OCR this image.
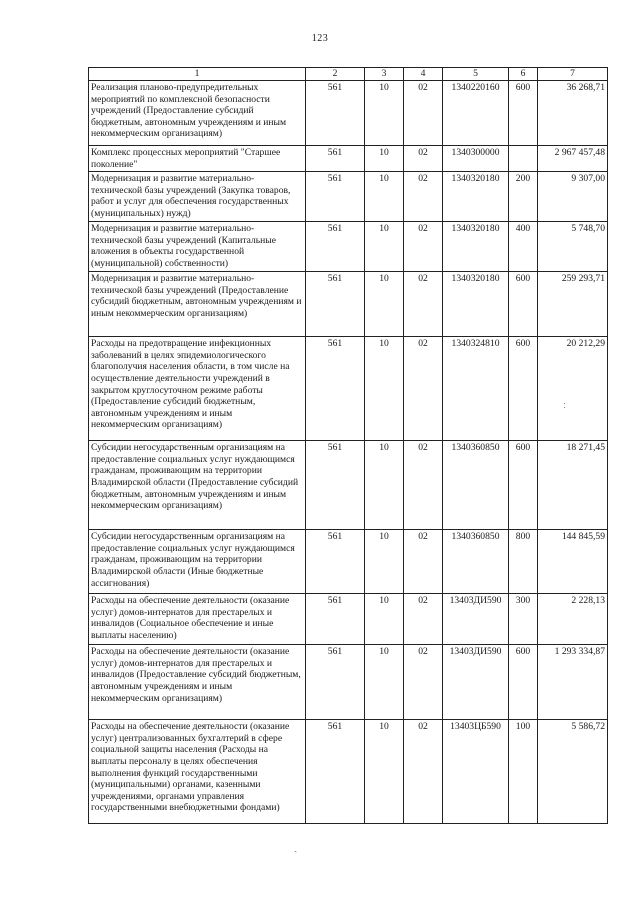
123
1	2	3	4	5	6	7
Реализация планово-предупредительных мероприятий по комплексной безопасности учреждений (Предоставление субсидий бюджетным, автономным учреждениям и иным некоммерческим организациям)	561	10	02	1340220160	600	36 268,71
Комплекс процессных мероприятий "Старшее поколение"	561	10	02	1340300000		2 967 457,48
Модернизация и развитие материально-технической базы учреждений (Закупка товаров, работ и услуг для обеспечения государственных (муниципальных) нужд)	561	10	02	1340320180	200	9 307,00
Модернизация и развитие материально-технической базы учреждений (Капитальные вложения в объекты государственной (муниципальной) собственности)	561	10	02	1340320180	400	5 748,70
Модернизация и развитие материально-технической базы учреждений (Предоставление субсидий бюджетным, автономным учреждениям и иным некоммерческим организациям)	561	10	02	1340320180	600	259 293,71
Расходы на предотвращение инфекционных заболеваний в целях эпидемиологического благополучия населения области, в том числе на осуществление деятельности учреждений в закрытом круглосуточном режиме работы (Предоставление субсидий бюджетным, автономным учреждениям и иным некоммерческим организациям)	561	10	02	1340324810	600	20 212,29
Субсидии негосударственным организациям на предоставление социальных услуг нуждающимся гражданам, проживающим на территории Владимирской области (Предоставление субсидий бюджетным, автономным учреждениям и иным некоммерческим организациям)	561	10	02	1340360850	600	18 271,45
Субсидии негосударственным организациям на предоставление социальных услуг нуждающимся гражданам, проживающим на территории Владимирской области (Иные бюджетные ассигнования)	561	10	02	1340360850	800	144 845,59
Расходы на обеспечение деятельности (оказание услуг) домов-интернатов для престарелых и инвалидов (Социальное обеспечение и иные выплаты населению)	561	10	02	13403ДИ590	300	2 228,13
Расходы на обеспечение деятельности (оказание услуг) домов-интернатов для престарелых и инвалидов (Предоставление субсидий бюджетным, автономным учреждениям и иным некоммерческим организациям)	561	10	02	13403ДИ590	600	1 293 334,87
Расходы на обеспечение деятельности (оказание услуг) централизованных бухгалтерий в сфере социальной защиты населения (Расходы на выплаты персоналу в целях обеспечения выполнения функций государственными (муниципальными) органами, казенными учреждениями, органами управления государственными внебюджетными фондами)	561	10	02	13403ЦБ590	100	5 586,72
ː
ˏ
